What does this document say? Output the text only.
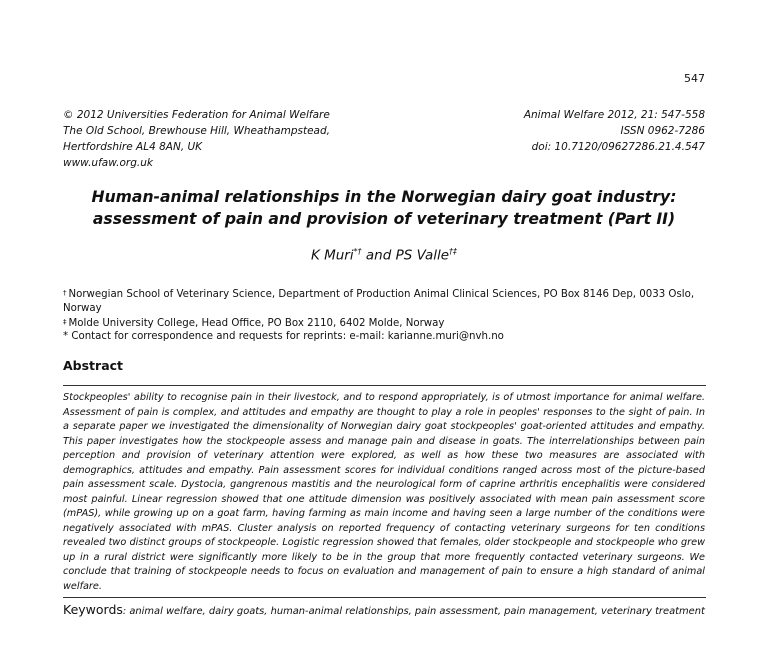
547
© 2012 Universities Federation for Animal Welfare
The Old School, Brewhouse Hill, Wheathampstead,
Hertfordshire AL4 8AN, UK
www.ufaw.org.uk
Animal Welfare 2012, 21: 547-558
ISSN 0962-7286
doi: 10.7120/09627286.21.4.547
Human-animal relationships in the Norwegian dairy goat industry:
assessment of pain and provision of veterinary treatment (Part II)
K Muri*† and PS Valle†‡
† Norwegian School of Veterinary Science, Department of Production Animal Clinical Sciences, PO Box 8146 Dep, 0033 Oslo, Norway
‡ Molde University College, Head Office, PO Box 2110, 6402 Molde, Norway
* Contact for correspondence and requests for reprints: e-mail: karianne.muri@nvh.no
Abstract
Stockpeoples' ability to recognise pain in their livestock, and to respond appropriately, is of utmost importance for animal welfare. Assessment of pain is complex, and attitudes and empathy are thought to play a role in peoples' responses to the sight of pain. In a separate paper we investigated the dimensionality of Norwegian dairy goat stockpeoples' goat-oriented attitudes and empathy. This paper investigates how the stockpeople assess and manage pain and disease in goats. The interrelationships between pain perception and provision of veterinary attention were explored, as well as how these two measures are associated with demographics, attitudes and empathy. Pain assessment scores for individual conditions ranged across most of the picture-based pain assessment scale. Dystocia, gangrenous mastitis and the neurological form of caprine arthritis encephalitis were considered most painful. Linear regression showed that one attitude dimension was positively associated with mean pain assessment score (mPAS), while growing up on a goat farm, having farming as main income and having seen a large number of the conditions were negatively associated with mPAS. Cluster analysis on reported frequency of contacting veterinary surgeons for ten conditions revealed two distinct groups of stockpeople. Logistic regression showed that females, older stockpeople and stockpeople who grew up in a rural district were significantly more likely to be in the group that more frequently contacted veterinary surgeons. We conclude that training of stockpeople needs to focus on evaluation and management of pain to ensure a high standard of animal welfare.
Keywords: animal welfare, dairy goats, human-animal relationships, pain assessment, pain management, veterinary treatment
